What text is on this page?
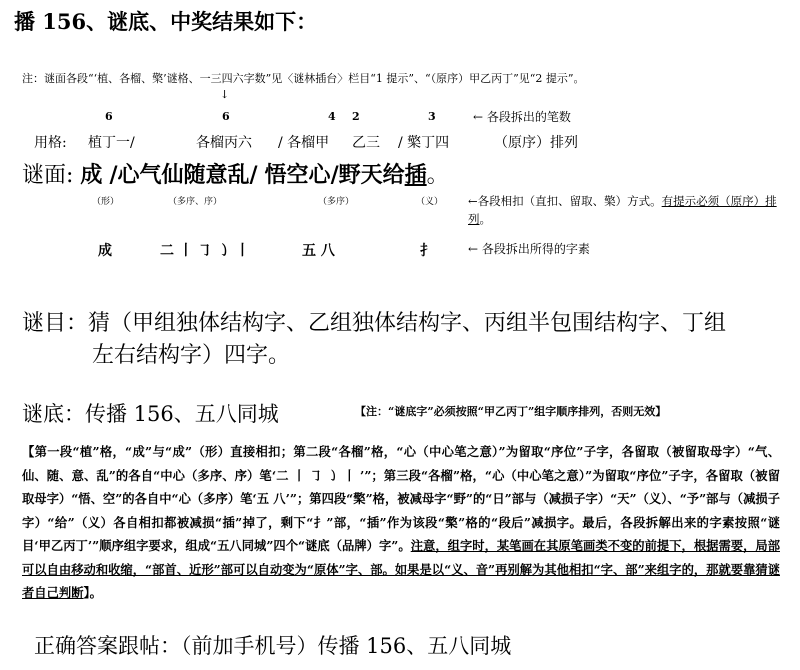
播 156、谜底、中奖结果如下：
注：谜面各段“‘植、各榴、檠’谜格、一三四六字数”见〈谜林插台〉栏目“1 提示”、“（原序）甲乙丙丁”见“2 提示”。
↓
6	6	4 2	3	← 各段拆出的笔数
用格: 植丁一/	各榴丙六 / 各榴甲 乙三 / 檠丁四	（原序）排列
谜面: 成 /心气仙随意乱/ 悟空心/野天给插。
（形）	（多序、序）	（多序）	（义） ←各段相扣（直扣、留取、檠）方式。有提示必须（原序）排列。
成	二 丨 ㇆ ㇁ 丨	五 八	扌	← 各段拆出所得的字素
谜目：猜（甲组独体结构字、乙组独体结构字、丙组半包围结构字、丁组
左右结构字）四字。
谜底：传播 156、五八同城	【注：“谜底字”必须按照“甲乙丙丁”组字顺序排列，否则无效】
【第一段“植”格，“成”与“成”（形）直接相扣；第二段“各榴”格，“心（中心笔之意）”为留取“序位”子字，各留取（被留取母字）“气、仙、随、意、乱”的各自“中心（多序、序）笔‘二 丨 ㇆ ㇁ 丨 ’”；第三段“各榴”格，“心（中心笔之意）”为留取“序位”子字，各留取（被留取母字）“悟、空”的各自中“心（多序）笔‘五 八’”；第四段“檠”格，被减母字“野”的“日”部与（减损子字）“天”（义）、“予”部与（减损子字）“给”（义）各自相扣都被减损“插”掉了，剩下“扌”部，“插”作为该段“檠”格的“段后”减损字。最后，各段拆解出来的字素按照“谜目‘甲乙丙丁’”顺序组字要求，组成“五八同城”四个“谜底（品牌）字”。注意，组字时，某笔画在其原笔画类不变的前提下，根据需要，局部可以自由移动和收缩，“部首、近形”部可以自动变为“原体”字、部。如果是以“义、音”再别解为其他相扣“字、部”来组字的，那就要靠猜谜者自己判断】。
正确答案跟帖：（前加手机号）传播 156、五八同城
